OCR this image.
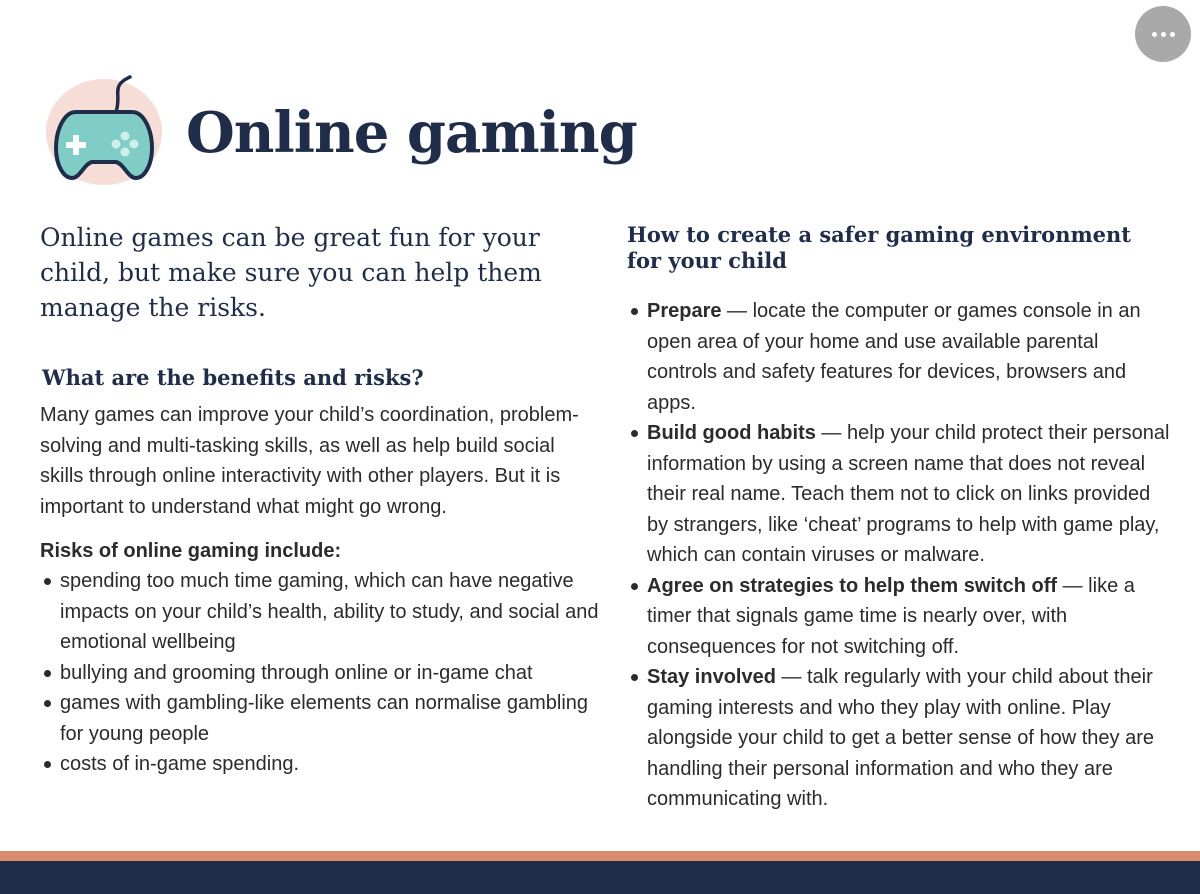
Online gaming

Online games can be great fun for your child, but make sure you can help them manage the risks.

What are the benefits and risks?

Many games can improve your child’s coordination, problem-solving and multi-tasking skills, as well as help build social skills through online interactivity with other players. But it is important to understand what might go wrong.

Risks of online gaming include:
spending too much time gaming, which can have negative impacts on your child’s health, ability to study, and social and emotional wellbeing
bullying and grooming through online or in-game chat
games with gambling-like elements can normalise gambling for young people
costs of in-game spending.
How to create a safer gaming environment for your child
Prepare — locate the computer or games console in an open area of your home and use available parental controls and safety features for devices, browsers and apps.
Build good habits — help your child protect their personal information by using a screen name that does not reveal their real name. Teach them not to click on links provided by strangers, like ‘cheat’ programs to help with game play, which can contain viruses or malware.
Agree on strategies to help them switch off — like a timer that signals game time is nearly over, with consequences for not switching off.
Stay involved — talk regularly with your child about their gaming interests and who they play with online. Play alongside your child to get a better sense of how they are handling their personal information and who they are communicating with.
